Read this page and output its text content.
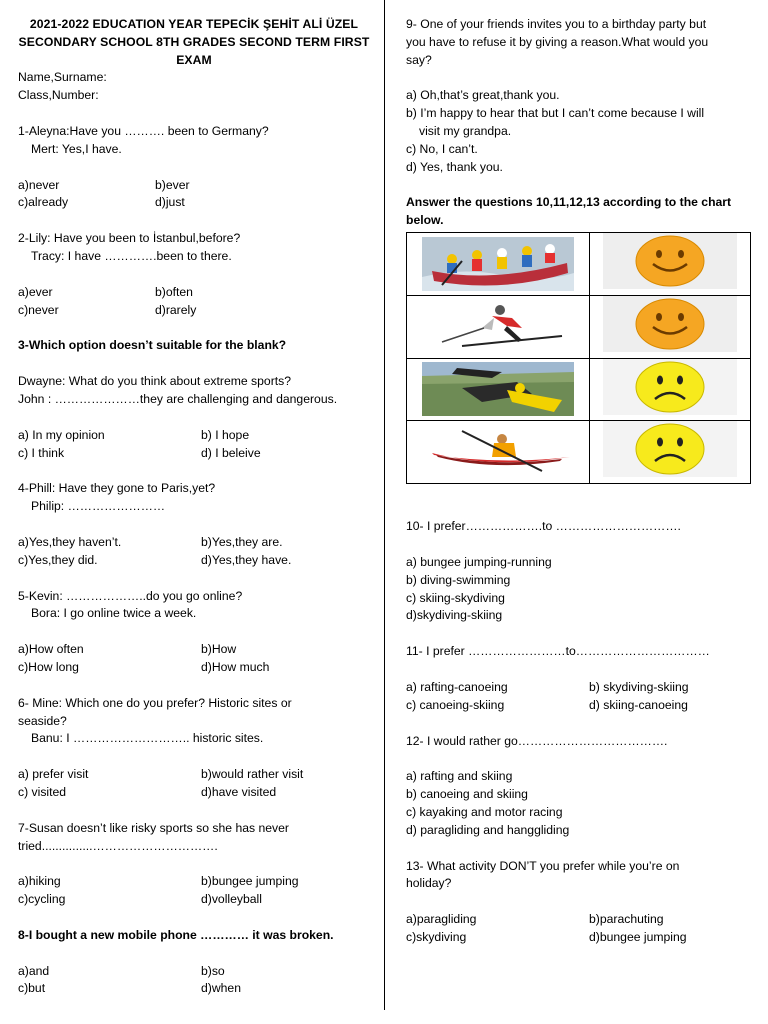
2021-2022 EDUCATION YEAR TEPECİK ŞEHİT ALİ ÜZEL
SECONDARY SCHOOL 8TH GRADES SECOND TERM FIRST
EXAM
Name,Surname:
Class,Number:
1-Aleyna:Have you ………. been to Germany?
Mert: Yes,I have.
a)never	b)ever
c)already	d)just
2-Lily: Have you been to İstanbul,before?
Tracy: I have ………….been to there.
a)ever	b)often
c)never	d)rarely
3-Which option doesn’t suitable for the blank?
Dwayne: What do you think about extreme sports?
John : …………………they are challenging and dangerous.
a) In my opinion	b) I hope
c) I think	d) I beleive
4-Phill: Have they gone to Paris,yet?
Philip: ……………………
a)Yes,they haven’t.	b)Yes,they are.
c)Yes,they did.	d)Yes,they have.
5-Kevin: ………………..do you go online?
Bora: I go online twice a week.
a)How often	b)How
c)How long	d)How much
6- Mine: Which one do you prefer? Historic sites or
seaside?
Banu: I ……………………….. historic sites.
a) prefer visit	b)would rather visit
c) visited	d)have visited
7-Susan doesn’t like risky sports so she has never
tried...............………………………….
a)hiking	b)bungee jumping
c)cycling	d)volleyball
8-I bought a new mobile phone ………… it was broken.
a)and	b)so
c)but	d)when
9- One of your friends invites you to a birthday party but
you have to refuse it by giving a reason.What would you
say?
a) Oh,that’s great,thank you.
b) I’m happy to hear that but I can’t come because I will
visit my grandpa.
c) No, I can’t.
d) Yes, thank you.
Answer the questions 10,11,12,13 according to the chart
below.

10- I prefer……………….to ………………………….
a) bungee jumping-running
b) diving-swimming
c) skiing-skydiving
d)skydiving-skiing
11- I prefer ……………………to……………………………
a) rafting-canoeing	b) skydiving-skiing
c) canoeing-skiing	d) skiing-canoeing
12- I would rather go……………………………….
a) rafting and skiing
b) canoeing and skiing
c) kayaking and motor racing
d) paragliding and hanggliding
13- What activity DON’T you prefer while you’re on
holiday?
a)paragliding	b)parachuting
c)skydiving	d)bungee jumping
